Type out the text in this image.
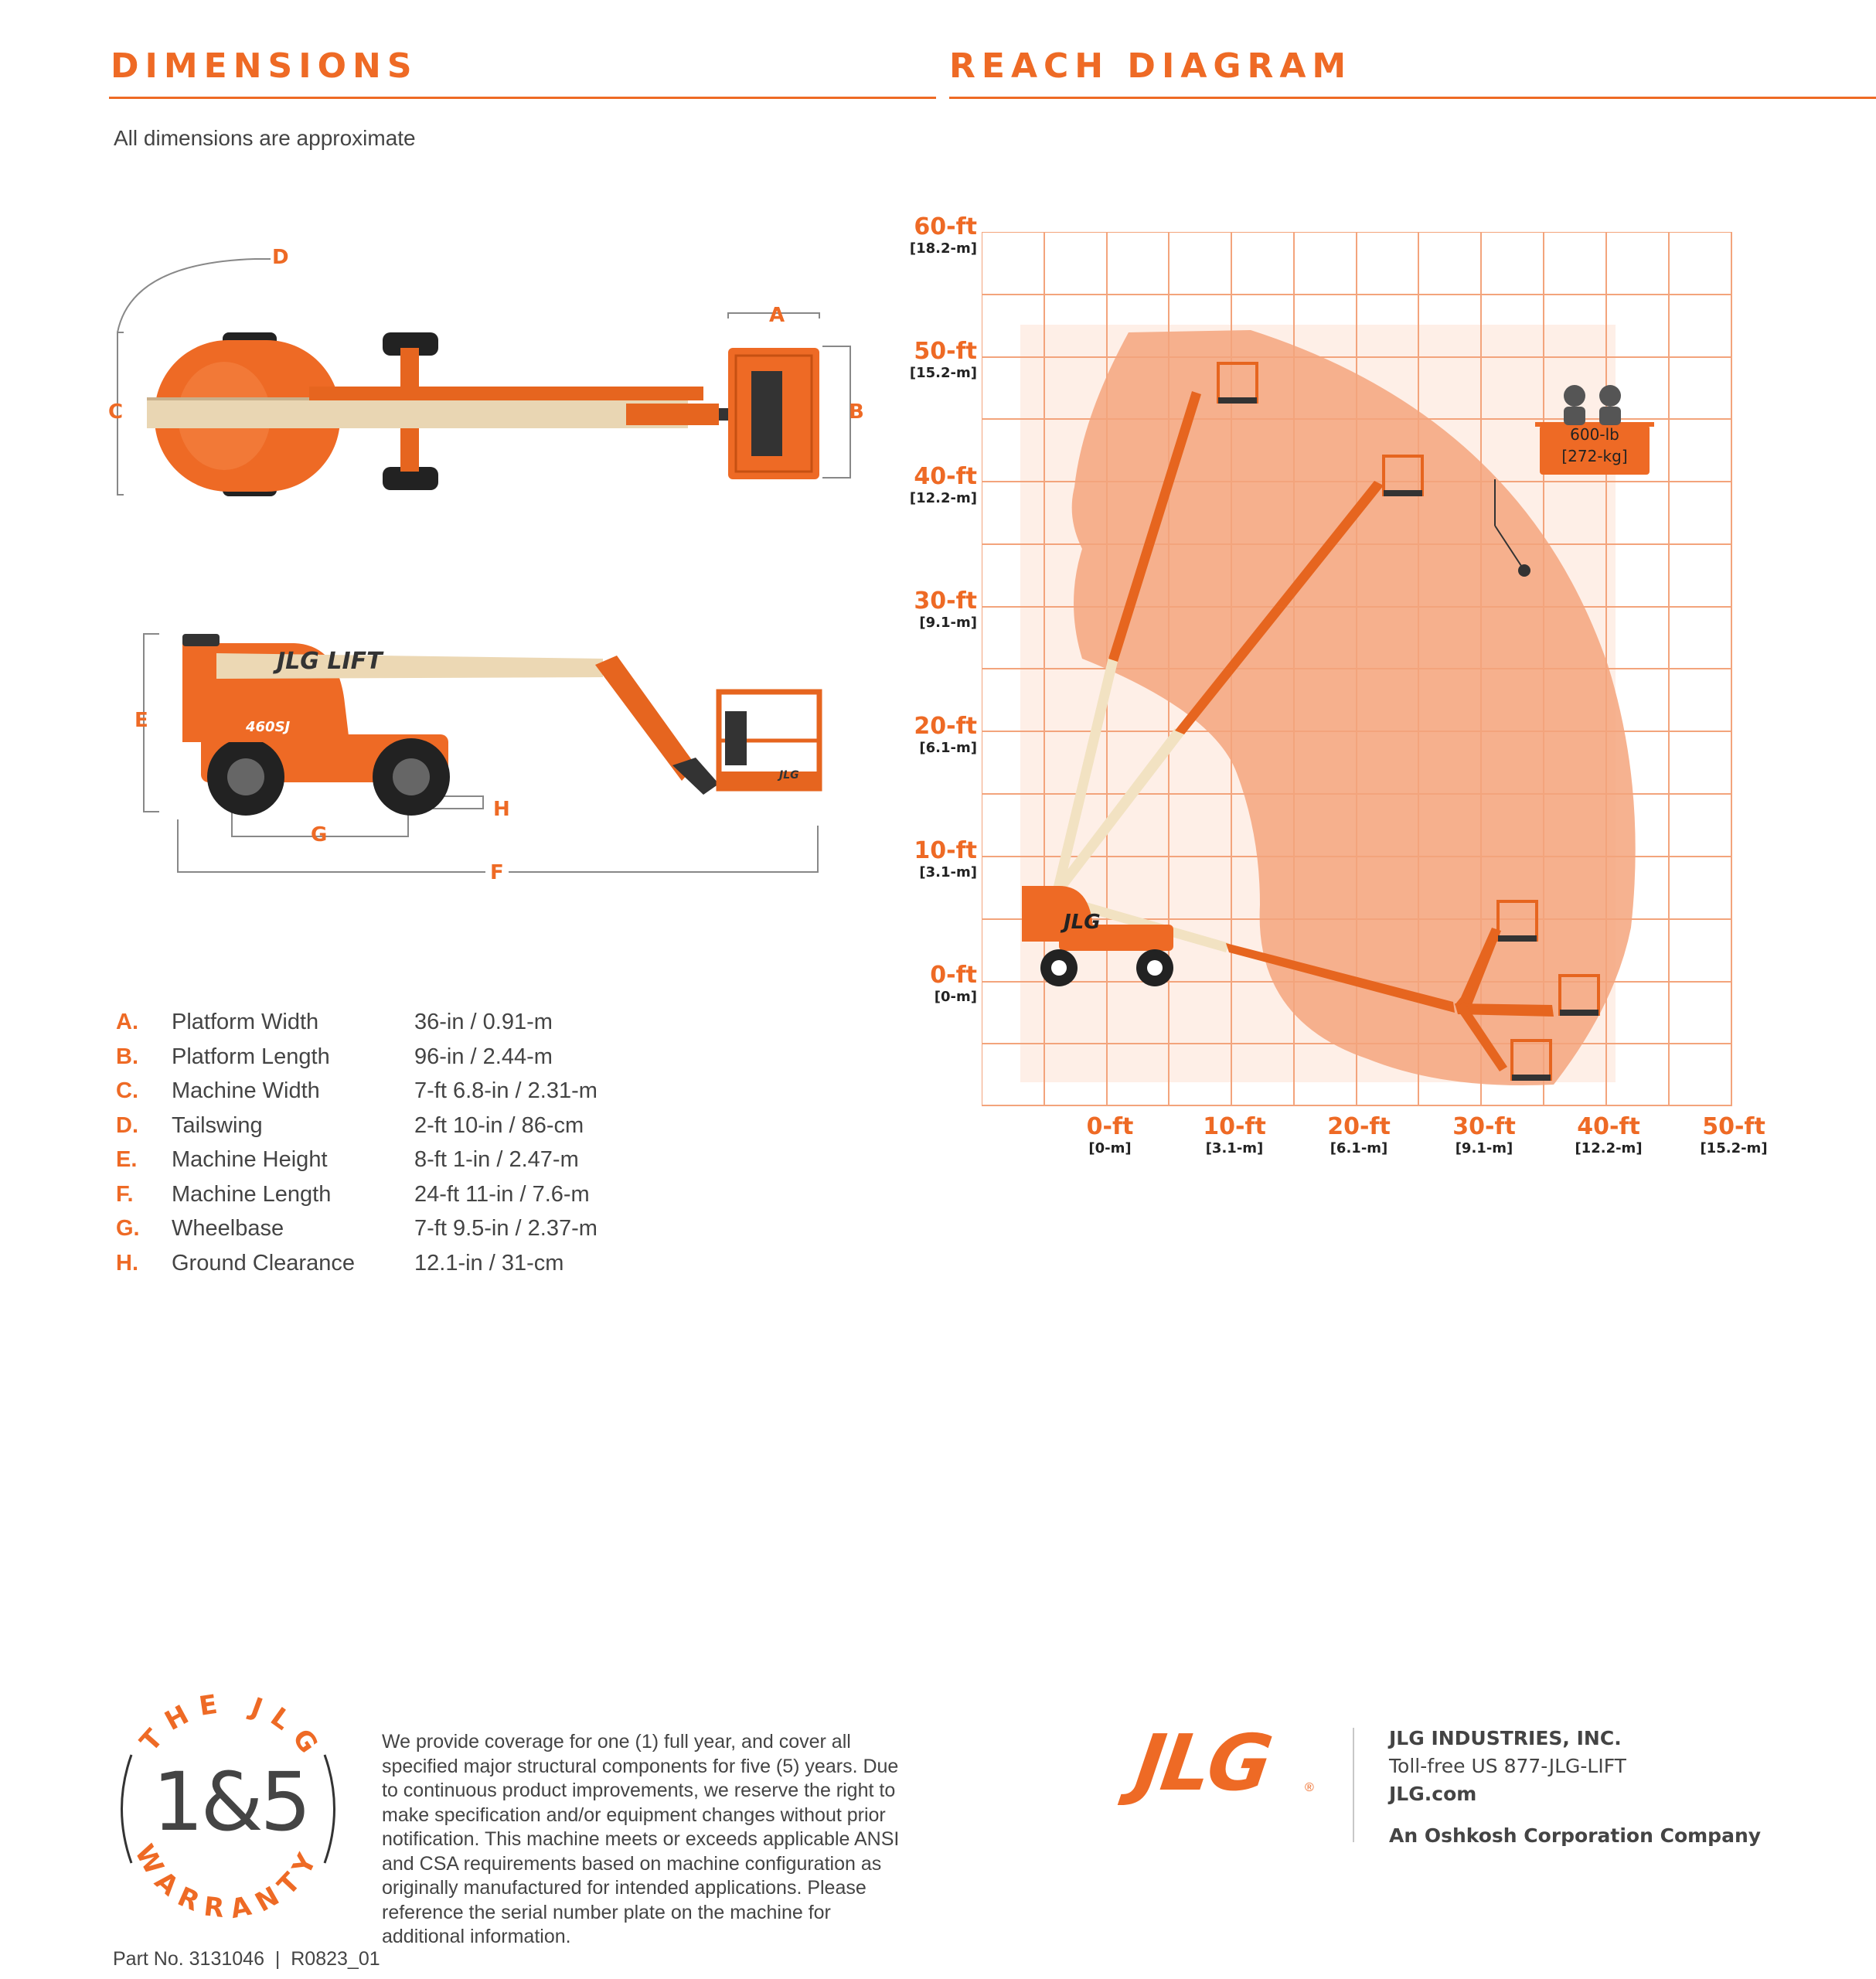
DIMENSIONS	REACH DIAGRAM
All dimensions are approximate
D
A
C	B
JLG LIFT
460SJ
JLG
E
H
G
F
A.	Platform Width	36-in / 0.91-m
B.	Platform Length	96-in / 2.44-m
C.	Machine Width	7-ft 6.8-in / 2.31-m
D.	Tailswing	2-ft 10-in / 86-cm
E.	Machine Height	8-ft 1-in / 2.47-m
F.	Machine Length	24-ft 11-in / 7.6-m
G.	Wheelbase	7-ft 9.5-in / 2.37-m
H.	Ground Clearance	12.1-in / 31-cm
JLG
600-lb
[272-kg]
60-ft
[18.2-m]
50-ft
[15.2-m]
40-ft
[12.2-m]
30-ft
[9.1-m]
20-ft
[6.1-m]
10-ft
[3.1-m]
0-ft
[0-m]
0-ft
[0-m]
10-ft
[3.1-m]
20-ft
[6.1-m]
30-ft
[9.1-m]
40-ft
[12.2-m]
50-ft
[15.2-m]
THE JLG
WARRANTY
1&5
We provide coverage for one (1) full year, and cover all specified major structural components for five (5) years. Due to continuous product improvements, we reserve the right to make specification and/or equipment changes without prior notification. This machine meets or exceeds applicable ANSI and CSA requirements based on machine configuration as originally manufactured for intended applications. Please reference the serial number plate on the machine for additional information.
Part No. 3131046  |  R0823_01
JLG ®
JLG INDUSTRIES, INC.
Toll-free US 877-JLG-LIFT
JLG.com
An Oshkosh Corporation Company
